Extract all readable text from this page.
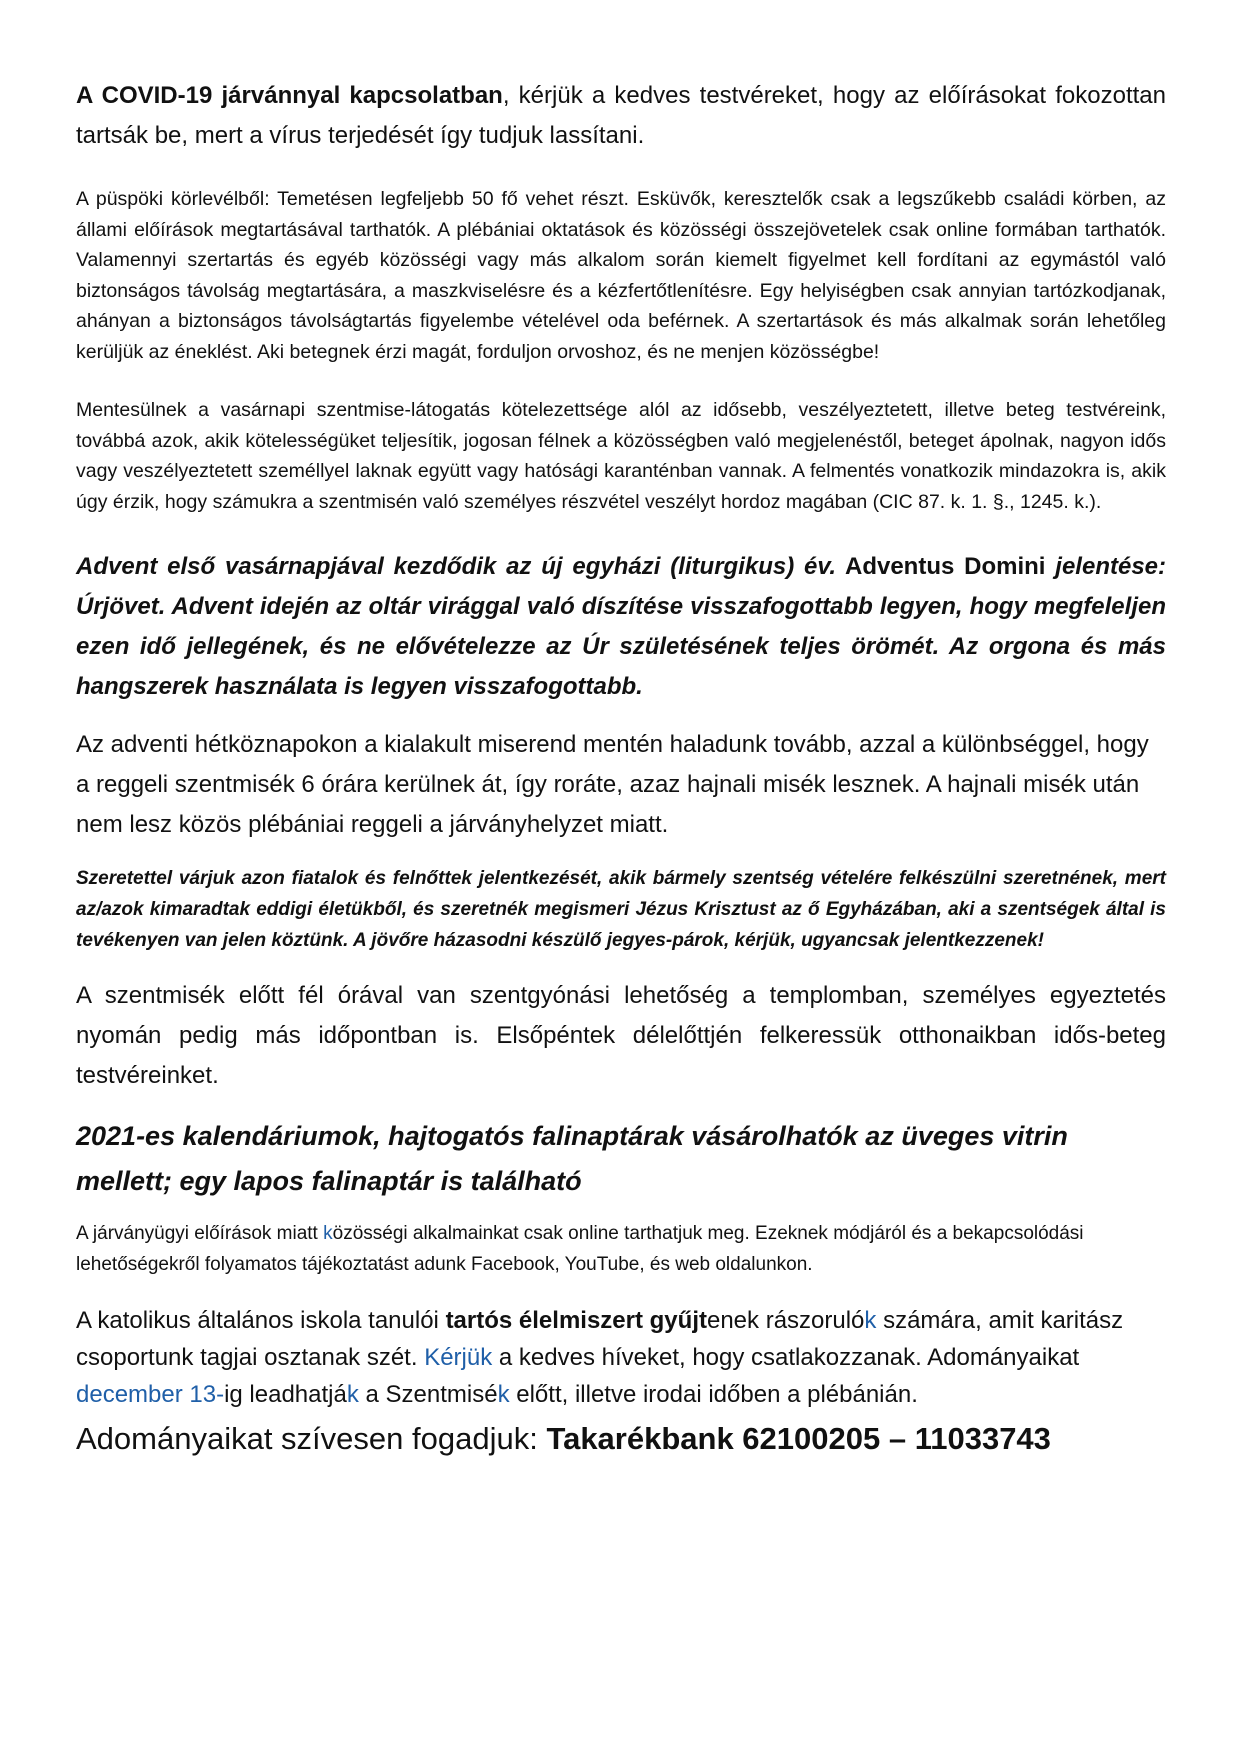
A COVID-19 járvánnyal kapcsolatban, kérjük a kedves testvéreket, hogy az előírásokat fokozottan tartsák be, mert a vírus terjedését így tudjuk lassítani.

A püspöki körlevélből: Temetésen legfeljebb 50 fő vehet részt. Esküvők, keresztelők csak a legszűkebb családi körben, az állami előírások megtartásával tarthatók. A plébániai oktatások és közösségi összejövetelek csak online formában tarthatók. Valamennyi szertartás és egyéb közösségi vagy más alkalom során kiemelt figyelmet kell fordítani az egymástól való biztonságos távolság megtartására, a maszkviselésre és a kézfertőtlenítésre. Egy helyiségben csak annyian tartózkodjanak, ahányan a biztonságos távolságtartás figyelembe vételével oda beférnek. A szertartások és más alkalmak során lehetőleg kerüljük az éneklést. Aki betegnek érzi magát, forduljon orvoshoz, és ne menjen közösségbe!

Mentesülnek a vasárnapi szentmise-látogatás kötelezettsége alól az idősebb, veszélyeztetett, illetve beteg testvéreink, továbbá azok, akik kötelességüket teljesítik, jogosan félnek a közösségben való megjelenéstől, beteget ápolnak, nagyon idős vagy veszélyeztetett személlyel laknak együtt vagy hatósági karanténban vannak. A felmentés vonatkozik mindazokra is, akik úgy érzik, hogy számukra a szentmisén való személyes részvétel veszélyt hordoz magában (CIC 87. k. 1. §., 1245. k.).

Advent első vasárnapjával kezdődik az új egyházi (liturgikus) év. Adventus Domini jelentése: Úrjövet. Advent idején az oltár virággal való díszítése visszafogottabb legyen, hogy megfeleljen ezen idő jellegének, és ne elővételezze az Úr születésének teljes örömét. Az orgona és más hangszerek használata is legyen visszafogottabb.

Az adventi hétköznapokon a kialakult miserend mentén haladunk tovább, azzal a különbséggel, hogy a reggeli szentmisék 6 órára kerülnek át, így roráte, azaz hajnali misék lesznek. A hajnali misék után nem lesz közös plébániai reggeli a járványhelyzet miatt.

Szeretettel várjuk azon fiatalok és felnőttek jelentkezését, akik bármely szentség vételére felkészülni szeretnének, mert az/azok kimaradtak eddigi életükből, és szeretnék megismeri Jézus Krisztust az ő Egyházában, aki a szentségek által is tevékenyen van jelen köztünk. A jövőre házasodni készülő jegyes-párok, kérjük, ugyancsak jelentkezzenek!

A szentmisék előtt fél órával van szentgyónási lehetőség a templomban, személyes egyeztetés nyomán pedig más időpontban is. Elsőpéntek délelőttjén felkeressük otthonaikban idős-beteg testvéreinket.

2021-es kalendáriumok, hajtogatós falinaptárak vásárolhatók az üveges vitrin mellett; egy lapos falinaptár is található

A járványügyi előírások miatt közösségi alkalmainkat csak online tarthatjuk meg. Ezeknek módjáról és a bekapcsolódási lehetőségekről folyamatos tájékoztatást adunk Facebook, YouTube, és web oldalunkon.

A katolikus általános iskola tanulói tartós élelmiszert gyűjtenek rászorulók számára, amit karitász csoportunk tagjai osztanak szét. Kérjük a kedves híveket, hogy csatlakozzanak. Adományaikat december 13-ig leadhatják a Szentmisék előtt, illetve irodai időben a plébánián.

Adományaikat szívesen fogadjuk: Takarékbank 62100205 – 11033743
